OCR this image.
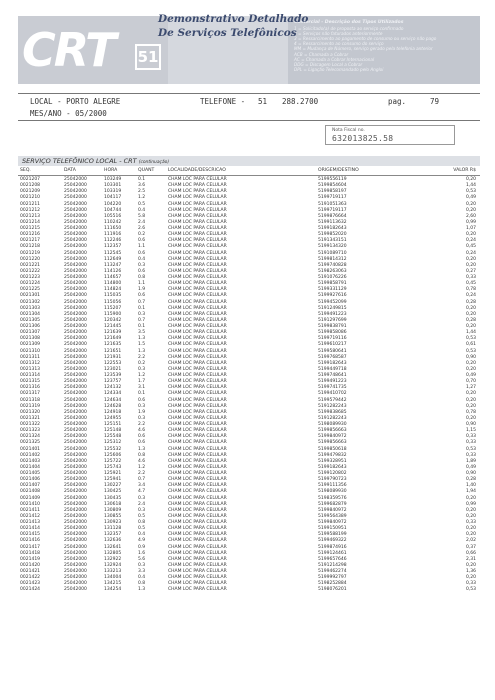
CRT 51
Comercial - Descrição dos Tipos Utilizados
1 = Solicitado(a) de proposta ao serviço confirmado
2 = Serviços não faturados anteriormente
3 = Ressarcimento ao pagamento de consumo ou serviço não pago
4 = Ressarcimento ao consumo do serviço
MM = Mudança de Número, serviço gerado pela telefonia anterior
ACB = Chamada a Cobrar
AC = Chamada a Cobrar Internacional
DDG = Discagem Local a Cobrar
DPL = Ligação Telecomandado pelo Angloi
Demonstrativo Detalhado
De Serviços Telefônicos
LOCAL - PORTO ALEGRE	TELEFONE - 51 288.2700	pag.	79
MES/ANO - 05/2000
Nota Fiscal no.
632013825.58
SERVIÇO TELEFÔNICO LOCAL - CRT (continuação)
SEQ.	DATA	HORA	QUANT	LOCALIDADE/DESCRICAO	ORIGEM/DESTINO	VALOR R$
0021207	25042000	103249	0.1	CHAM LOC PARA CELULAR	5199556119	0,20
0021208	25042000	103301	3.6	CHAM LOC PARA CELULAR	5199854604	1,44
0021209	25042000	103319	2.5	CHAM LOC PARA CELULAR	5199858197	0,53
0021210	25042000	104117	1.2	CHAM LOC PARA CELULAR	5199719117	0,49
0021211	25042000	104220	0.5	CHAM LOC PARA CELULAR	5191051363	0,20
0021212	25042000	104744	0.4	CHAM LOC PARA CELULAR	5199719117	0,20
0021213	25042000	105516	5.8	CHAM LOC PARA CELULAR	5199876664	2,60
0021214	25042000	110242	2.4	CHAM LOC PARA CELULAR	5199113632	0,99
0021215	25042000	111650	2.6	CHAM LOC PARA CELULAR	5199182643	1,07
0021216	25042000	111916	0.2	CHAM LOC PARA CELULAR	5199852020	0,20
0021217	25042000	112246	0.6	CHAM LOC PARA CELULAR	5191343151	0,24
0021218	25042000	112357	1.1	CHAM LOC PARA CELULAR	5199134320	0,45
0021219	25042000	112545	0.6	CHAM LOC PARA CELULAR	5191089710	0,24
0021220	25042000	112649	0.4	CHAM LOC PARA CELULAR	5199814312	0,20
0021221	25042000	113247	0.3	CHAM LOC PARA CELULAR	5199740828	0,20
0021222	25042000	114126	0.6	CHAM LOC PARA CELULAR	5198263063	0,27
0021223	25042000	114657	0.8	CHAM LOC PARA CELULAR	5191076226	0,33
0021224	25042000	114800	1.1	CHAM LOC PARA CELULAR	5199858791	0,45
0021225	25042000	114824	1.9	CHAM LOC PARA CELULAR	5199331129	0,78
0021301	25042000	115035	0.6	CHAM LOC PARA CELULAR	5199927616	0,24
0021302	25042000	115056	0.7	CHAM LOC PARA CELULAR	5199452099	0,28
0021303	25042000	115207	0.1	CHAM LOC PARA CELULAR	5191249815	0,20
0021304	25042000	115900	0.3	CHAM LOC PARA CELULAR	5199491223	0,20
0021305	25042000	120342	0.7	CHAM LOC PARA CELULAR	5191297699	0,28
0021306	25042000	121445	0.1	CHAM LOC PARA CELULAR	5199838791	0,20
0021307	25042000	121639	3.5	CHAM LOC PARA CELULAR	5199858086	1,44
0021308	25042000	121649	1.3	CHAM LOC PARA CELULAR	5199719116	0,53
0021309	25042000	121635	1.5	CHAM LOC PARA CELULAR	5199610217	0,61
0021310	25042000	121651	1.3	CHAM LOC PARA CELULAR	5199580641	0,53
0021311	25042000	121931	2.2	CHAM LOC PARA CELULAR	5199768587	0,90
0021312	25042000	122553	0.2	CHAM LOC PARA CELULAR	5199182643	0,20
0021313	25042000	123021	0.3	CHAM LOC PARA CELULAR	5199449718	0,20
0021314	25042000	123539	1.2	CHAM LOC PARA CELULAR	5199748641	0,49
0021315	25042000	123757	1.7	CHAM LOC PARA CELULAR	5199491223	0,70
0021316	25042000	124132	3.1	CHAM LOC PARA CELULAR	5199741735	1,27
0021317	25042000	124334	0.1	CHAM LOC PARA CELULAR	5199410702	0,20
0021318	25042000	124634	0.6	CHAM LOC PARA CELULAR	5199579442	0,20
0021319	25042000	124628	0.3	CHAM LOC PARA CELULAR	5191282243	0,20
0021320	25042000	124918	1.9	CHAM LOC PARA CELULAR	5199838685	0,78
0021321	25042000	124955	0.3	CHAM LOC PARA CELULAR	5191282243	0,20
0021322	25042000	125151	2.2	CHAM LOC PARA CELULAR	5198089930	0,90
0021323	25042000	125148	4.6	CHAM LOC PARA CELULAR	5199856663	1,15
0021324	25042000	125548	0.6	CHAM LOC PARA CELULAR	5199840972	0,33
0021325	25042000	125312	0.6	CHAM LOC PARA CELULAR	5199856663	0,33
0021401	25042000	125532	1.3	CHAM LOC PARA CELULAR	5199850618	0,53
0021402	25042000	125606	0.8	CHAM LOC PARA CELULAR	5199479832	0,33
0021403	25042000	125722	4.6	CHAM LOC PARA CELULAR	5199328951	1,89
0021404	25042000	125743	1.2	CHAM LOC PARA CELULAR	5199182643	0,49
0021405	25042000	125921	2.2	CHAM LOC PARA CELULAR	5199120802	0,90
0021406	25042000	125941	0.7	CHAM LOC PARA CELULAR	5199790723	0,28
0021407	25042000	130227	3.4	CHAM LOC PARA CELULAR	5199111356	1,40
0021408	25042000	130425	4.7	CHAM LOC PARA CELULAR	5198089930	1,94
0021409	25042000	130435	0.3	CHAM LOC PARA CELULAR	5198359576	0,20
0021410	25042000	130618	2.4	CHAM LOC PARA CELULAR	5199682879	0,99
0021411	25042000	130809	0.3	CHAM LOC PARA CELULAR	5199840972	0,20
0021412	25042000	130855	0.5	CHAM LOC PARA CELULAR	5199564389	0,20
0021413	25042000	130923	0.8	CHAM LOC PARA CELULAR	5199840972	0,33
0021414	25042000	131128	0.5	CHAM LOC PARA CELULAR	5199150951	0,20
0021415	25042000	132357	0.4	CHAM LOC PARA CELULAR	5199588199	0,20
0021416	25042000	132636	4.9	CHAM LOC PARA CELULAR	5199469322	2,02
0021417	25042000	132641	0.9	CHAM LOC PARA CELULAR	5199874916	0,37
0021418	25042000	132805	1.6	CHAM LOC PARA CELULAR	5199124461	0,66
0021419	25042000	132922	5.6	CHAM LOC PARA CELULAR	5199657646	2,31
0021420	25042000	132924	0.3	CHAM LOC PARA CELULAR	5191214298	0,20
0021421	25042000	133213	3.3	CHAM LOC PARA CELULAR	5199462274	1,36
0021422	25042000	134004	0.4	CHAM LOC PARA CELULAR	5199992797	0,20
0021423	25042000	134215	0.8	CHAM LOC PARA CELULAR	5198252884	0,33
0021424	25042000	134254	1.3	CHAM LOC PARA CELULAR	5198076201	0,53
